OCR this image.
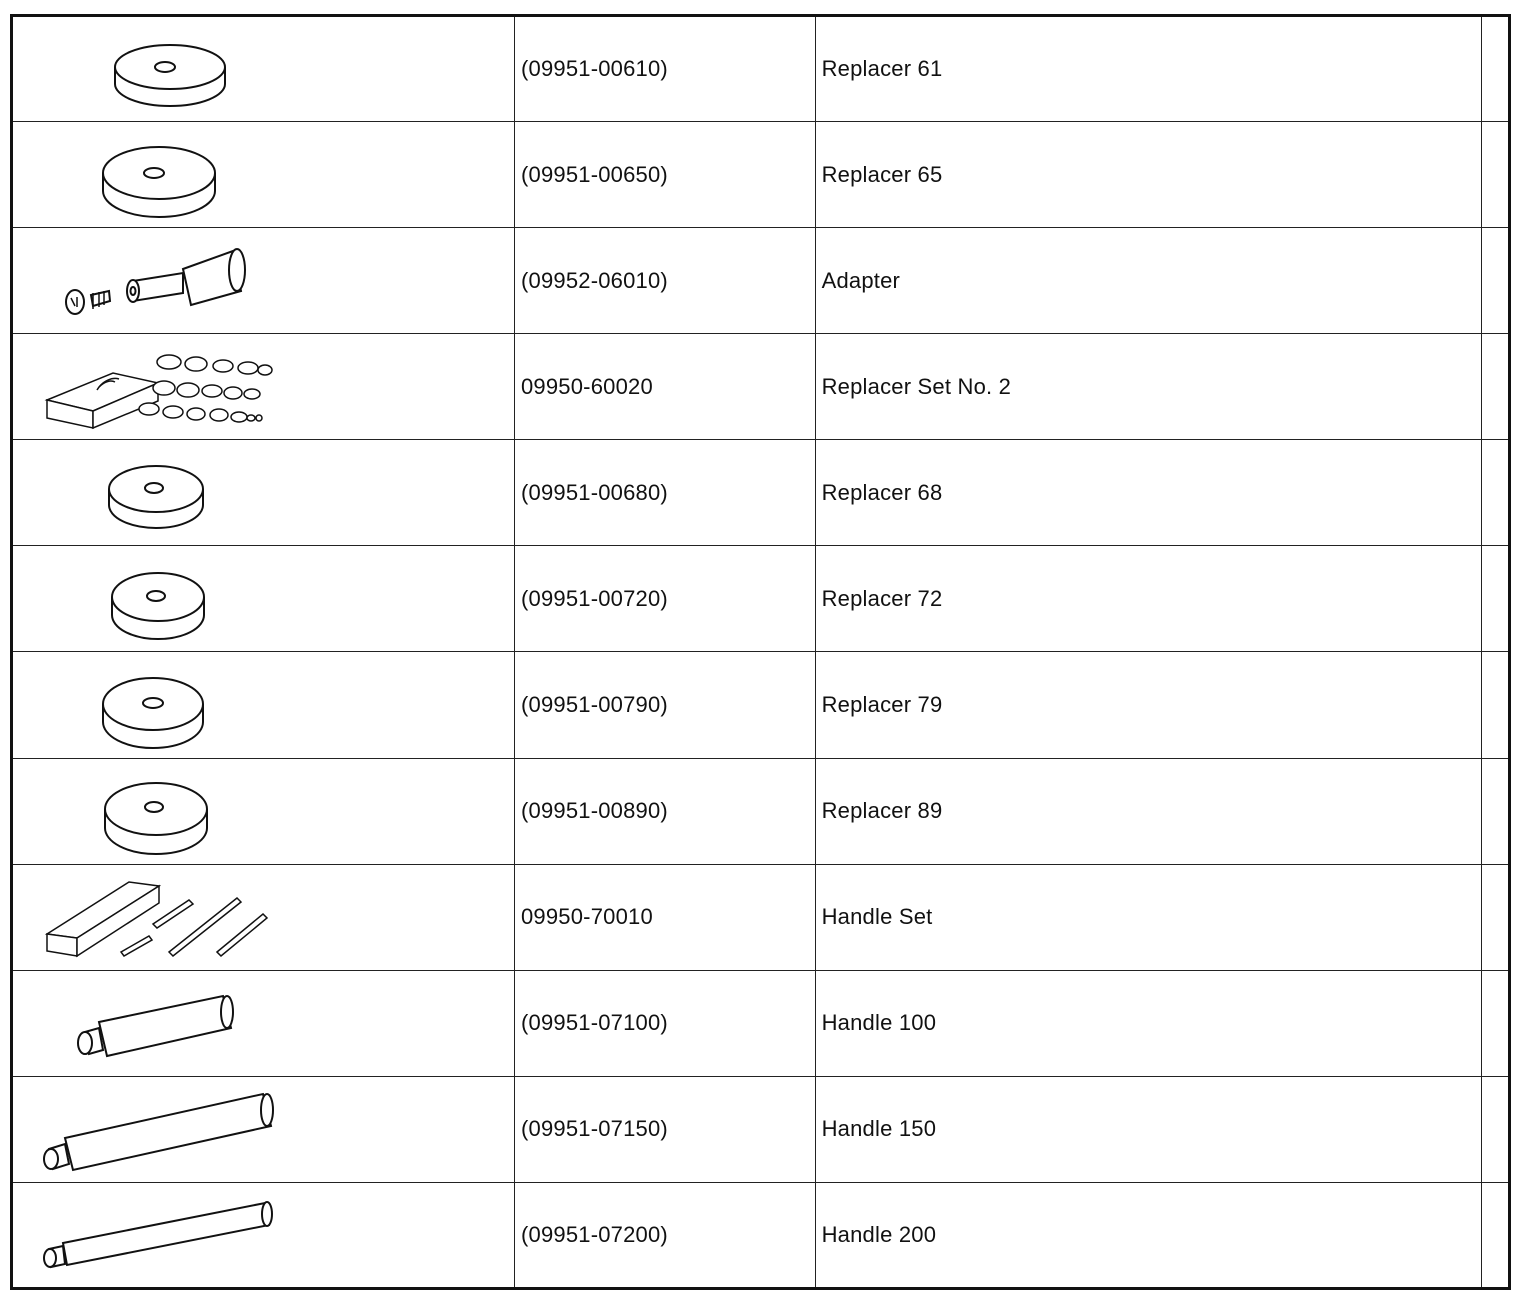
(09951-00610)	Replacer 61	

(09951-00650)	Replacer 65	

(09952-06010)	Adapter	

09950-60020	Replacer Set No. 2	

(09951-00680)	Replacer 68	

(09951-00720)	Replacer 72	

(09951-00790)	Replacer 79	

(09951-00890)	Replacer 89	

09950-70010	Handle Set	

(09951-07100)	Handle 100	

(09951-07150)	Handle 150	

(09951-07200)	Handle 200	
